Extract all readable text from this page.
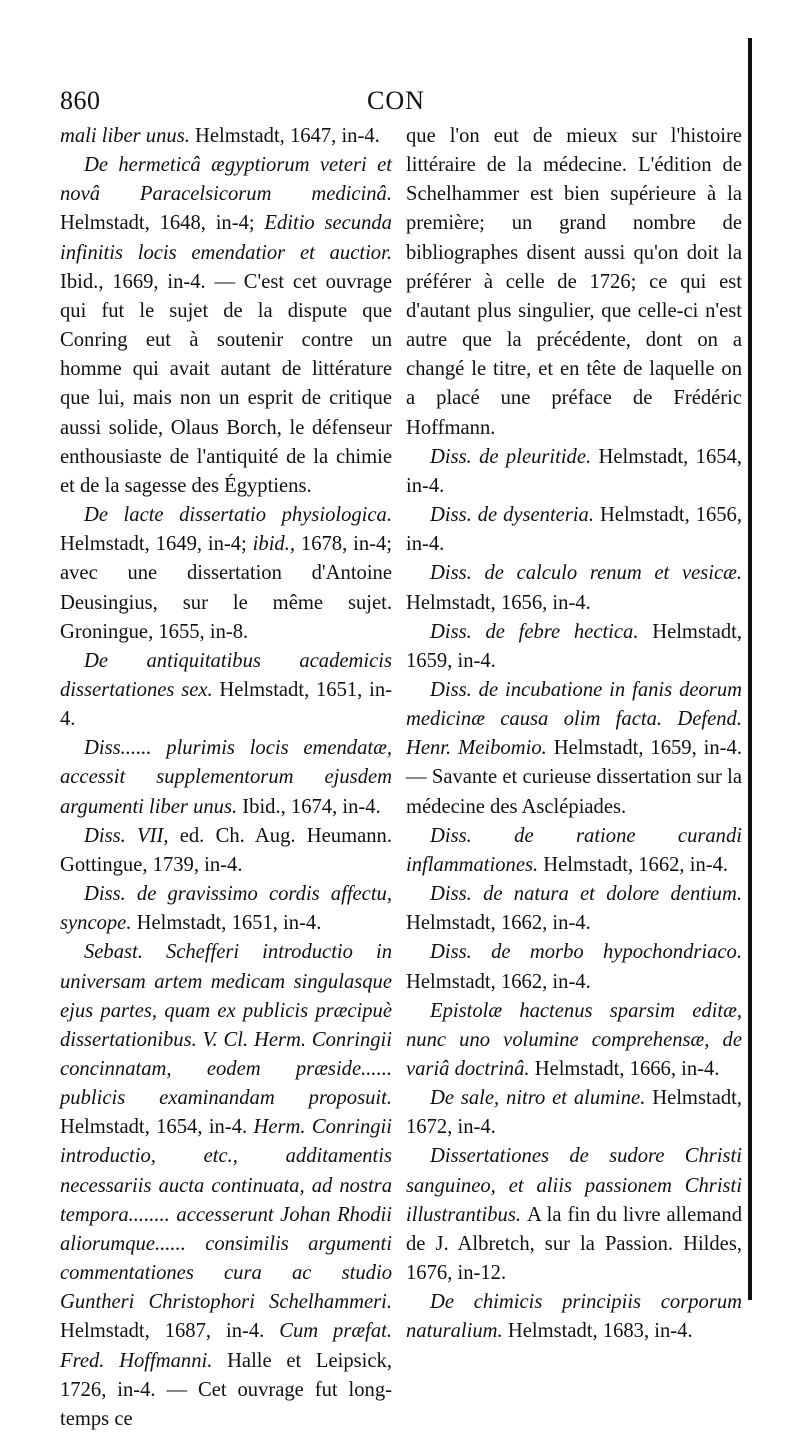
860	CON

mali liber unus. Helmstadt, 1647, in-4.

De hermeticâ ægyptiorum veteri et novâ Paracelsicorum medicinâ. Helmstadt, 1648, in-4; Editio secunda infinitis locis emendatior et auctior. Ibid., 1669, in-4. — C'est cet ouvrage qui fut le sujet de la dispute que Conring eut à soutenir contre un homme qui avait autant de littérature que lui, mais non un esprit de critique aussi solide, Olaus Borch, le défenseur enthousiaste de l'antiquité de la chimie et de la sagesse des Égyptiens.

De lacte dissertatio physiologica. Helmstadt, 1649, in-4; ibid., 1678, in-4; avec une dissertation d'Antoine Deusingius, sur le même sujet. Groningue, 1655, in-8.

De antiquitatibus academicis dissertationes sex. Helmstadt, 1651, in-4.

Diss...... plurimis locis emendatæ, accessit supplementorum ejusdem argumenti liber unus. Ibid., 1674, in-4.

Diss. VII, ed. Ch. Aug. Heumann. Gottingue, 1739, in-4.

Diss. de gravissimo cordis affectu, syncope. Helmstadt, 1651, in-4.

Sebast. Schefferi introductio in universam artem medicam singulasque ejus partes, quam ex publicis præcipuè dissertationibus. V. Cl. Herm. Conringii concinnatam, eodem præside...... publicis examinandam proposuit. Helmstadt, 1654, in-4. Herm. Conringii introductio, etc., additamentis necessariis aucta continuata, ad nostra tempora........ accesserunt Johan Rhodii aliorumque...... consimilis argumenti commentationes cura ac studio Guntheri Christophori Schelhammeri. Helmstadt, 1687, in-4. Cum præfat. Fred. Hoffmanni. Halle et Leipsick, 1726, in-4. — Cet ouvrage fut long-temps ce

que l'on eut de mieux sur l'histoire littéraire de la médecine. L'édition de Schelhammer est bien supérieure à la première; un grand nombre de bibliographes disent aussi qu'on doit la préférer à celle de 1726; ce qui est d'autant plus singulier, que celle-ci n'est autre que la précédente, dont on a changé le titre, et en tête de laquelle on a placé une préface de Frédéric Hoffmann.

Diss. de pleuritide. Helmstadt, 1654, in-4.

Diss. de dysenteria. Helmstadt, 1656, in-4.

Diss. de calculo renum et vesicæ. Helmstadt, 1656, in-4.

Diss. de febre hectica. Helmstadt, 1659, in-4.

Diss. de incubatione in fanis deorum medicinæ causa olim facta. Defend. Henr. Meibomio. Helmstadt, 1659, in-4. — Savante et curieuse dissertation sur la médecine des Asclépiades.

Diss. de ratione curandi inflammationes. Helmstadt, 1662, in-4.

Diss. de natura et dolore dentium. Helmstadt, 1662, in-4.

Diss. de morbo hypochondriaco. Helmstadt, 1662, in-4.

Epistolæ hactenus sparsim editæ, nunc uno volumine comprehensæ, de variâ doctrinâ. Helmstadt, 1666, in-4.

De sale, nitro et alumine. Helmstadt, 1672, in-4.

Dissertationes de sudore Christi sanguineo, et aliis passionem Christi illustrantibus. A la fin du livre allemand de J. Albretch, sur la Passion. Hildes, 1676, in-12.

De chimicis principiis corporum naturalium. Helmstadt, 1683, in-4.
